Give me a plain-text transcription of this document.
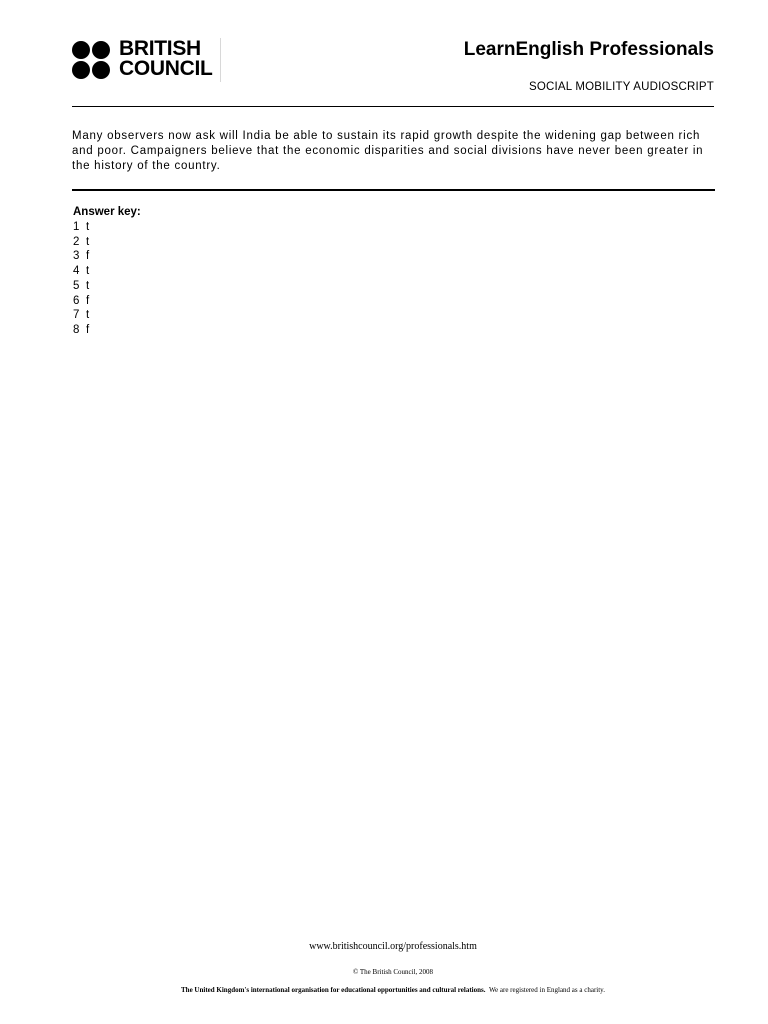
BRITISH
COUNCIL
LearnEnglish Professionals
SOCIAL MOBILITY AUDIOSCRIPT

Many observers now ask will India be able to sustain its rapid growth despite the widening gap between rich and poor. Campaigners believe that the economic disparities and social divisions have never been greater in the history of the country.

Answer key:

1 t
2 t
3 f
4 t
5 t
6 f
7 t
8 f
www.britishcouncil.org/professionals.htm
© The British Council, 2008
The United Kingdom's international organisation for educational opportunities and cultural relations. We are registered in England as a charity.
